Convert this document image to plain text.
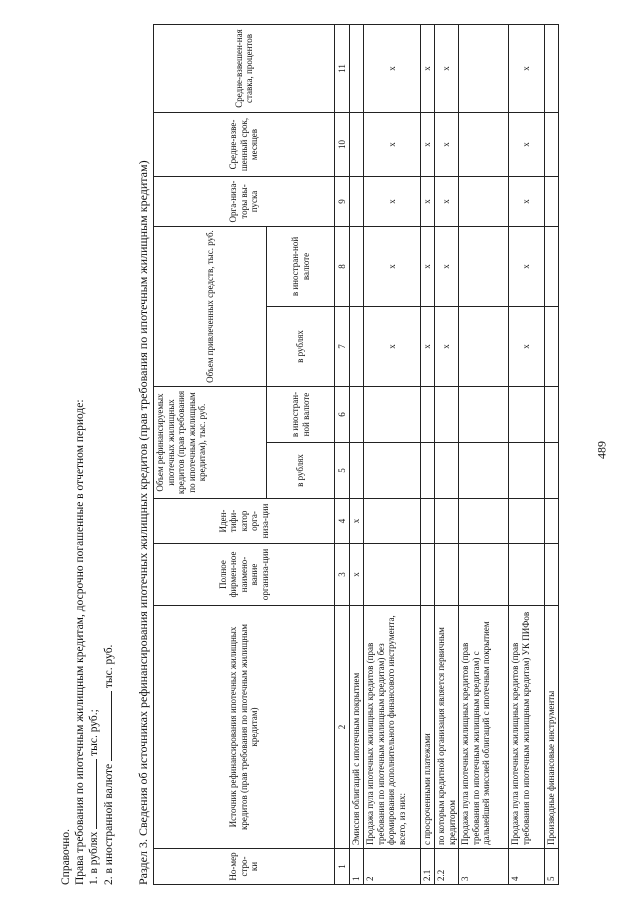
489
Справочно. Права требования по ипотечным жилищным кредитам, досрочно погашенные в отчетном периоде: 1. в рублях  тыс. руб.;
2. в иностранной валюте  тыс. руб. Раздел 3. Сведения об источниках рефинансирования ипотечных жилищных кредитов (прав требования по ипотечным жилищным кредитам)	Но-мер стро-ки	Источник рефинансирования ипотечных жилищных кредитов (прав требования по ипотечным жилищным кредитам)	Полное фирмен-ное наимено-вание организа-ции	Иден-тифи-катор орга-низа-ции	Объем рефинансируемых ипотечных жилищных кредитов (прав требования по ипотечным жилищным кредитам), тыс. руб.		Объем привлеченных средств, тыс. руб.		Орга-низа-торы вы-пуска	Средне-взве-шенный срок, месяцев	Средне-взвешен-ная ставка, процентов
				в рублях	в иностран-ной валюте	в рублях	в иностран-ной валюте			
1	2	3	4	5	6	7	8	9	10	11
1	Эмиссия облигаций с ипотечным покрытием	x	x							
2	Продажа пула ипотечных жилищных кредитов (прав требования по ипотечным жилищным кредитам) без формирования дополнительного финансового инструмента, всего, из них:					x	x	x	x	x
2.1	с просроченными платежами					x	x	x	x	x
2.2	по которым кредитной организация является первичным кредитором					x	x	x	x	x
3	Продажа пула ипотечных жилищных кредитов (прав требования по ипотечным жилищным кредитам) с дальнейшей эмиссией облигаций с ипотечным покрытием									
4	Продажа пула ипотечных жилищных кредитов (прав требования по ипотечным жилищным кредитам) УК ПИФов					x	x	x	x	x
5	Производные финансовые инструменты									
